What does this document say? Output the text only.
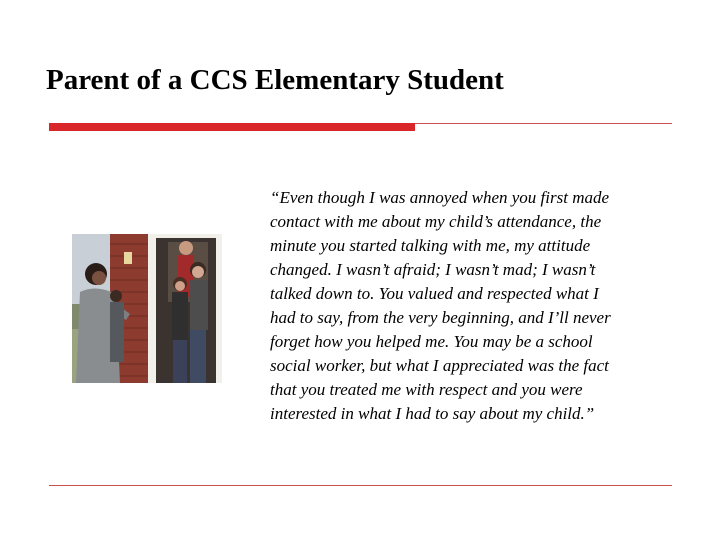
Parent of a CCS Elementary Student

“Even though I was annoyed when you first made
contact with me about my child’s attendance, the
minute you started talking with me, my attitude
changed. I wasn’t afraid; I wasn’t mad; I wasn’t
talked down to. You valued and respected what I
had to say, from the very beginning, and I’ll never
forget how you helped me. You may be a school
social worker, but what I appreciated was the fact
that you treated me with respect and you were
interested in what I had to say about my child.”
